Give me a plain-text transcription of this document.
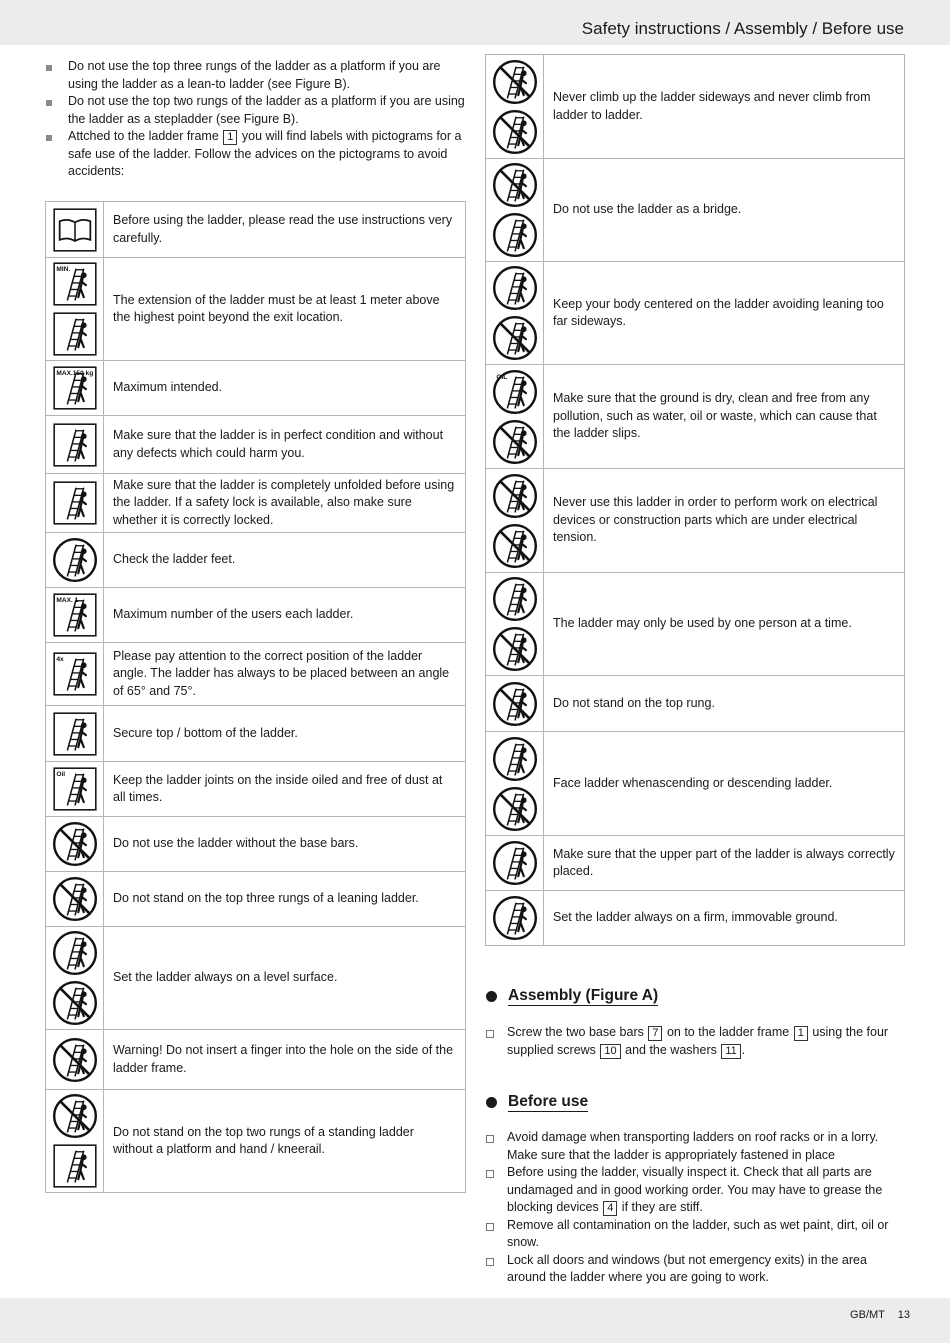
Safety instructions / Assembly / Before use
Do not use the top three rungs of the ladder as a platform if you are using the ladder as a lean-to ladder (see Figure B).
Do not use the top two rungs of the ladder as a platform if you are using the ladder as a stepladder (see Figure B).
Attched to the ladder frame 1 you will find labels with pictograms for a safe use of the ladder. Follow the advices on the pictograms to avoid accidents:
	Before using the ladder, please read the use instructions very carefully.

MIN.	The extension of the ladder must be at least 1 meter above the highest point beyond the exit location.

MAX.150 kg	Maximum intended.

	Make sure that the ladder is in perfect condition and without any defects which could harm you.

	Make sure that the ladder is completely unfolded before using the ladder. If a safety lock is available, also make sure whether it is correctly locked.

	Check the ladder feet.

MAX. 1	Maximum number of the users each ladder.

4x	Please pay attention to the correct position of the ladder angle. The ladder has always to be placed between an angle of 65° and 75°.

	Secure top / bottom of the ladder.

Oil	Keep the ladder joints on the inside oiled and free of dust at all times.

	Do not use the ladder without the base bars.

	Do not stand on the top three rungs of a leaning ladder.

	Set the ladder always on a level surface.

	Warning! Do not insert a finger into the hole on the side of the ladder frame.

	Do not stand on the top two rungs of a standing ladder without a platform and hand / kneerail.
	Never climb up the ladder sideways and never climb from ladder to ladder.

	Do not use the ladder as a bridge.

	Keep your body centered on the ladder avoiding leaning too far sideways.

OIL	Make sure that the ground is dry, clean and free from any pollution, such as water, oil or waste, which can cause that the ladder slips.

	Never use this ladder in order to perform work on electrical devices or construction parts which are under electrical tension.

	The ladder may only be used by one person at a time.

	Do not stand on the top rung.

	Face ladder whenascending or descending ladder.

	Make sure that the upper part of the ladder is always correctly placed.

	Set the ladder always on a firm, immovable ground.
Assembly (Figure A)
Screw the two base bars 7 on to the ladder frame 1 using the four supplied screws 10 and the washers 11 .
Before use
Avoid damage when transporting ladders on roof racks or in a lorry. Make sure that the ladder is appropriately fastened in place
Before using the ladder, visually inspect it. Check that all parts are undamaged and in good working order. You may have to grease the blocking devices 4 if they are stiff.
Remove all contamination on the ladder, such as wet paint, dirt, oil or snow.
Lock all doors and windows (but not emergency exits) in the area around the ladder where you are going to work.
GB/MT 13
